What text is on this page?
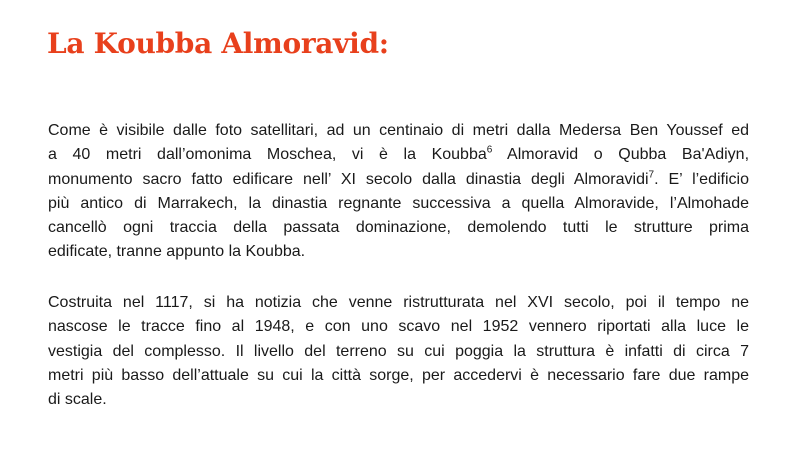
La Koubba Almoravid:

Come è visibile dalle foto satellitari, ad un centinaio di metri dalla Medersa Ben Youssef ed
a 40 metri dall’omonima Moschea, vi è la Koubba$^6$ Almoravid o Qubba Ba'Adiyn,
monumento sacro fatto edificare nell’ XI secolo dalla dinastia degli Almoravidi$^7$. E’ l’edificio
più antico di Marrakech, la dinastia regnante successiva a quella Almoravide, l’Almohade
cancellò ogni traccia della passata dominazione, demolendo tutti le strutture prima
edificate, tranne appunto la Koubba.

Costruita nel 1117, si ha notizia che venne ristrutturata nel XVI secolo, poi il tempo ne
nascose le tracce fino al 1948, e con uno scavo nel 1952 vennero riportati alla luce le
vestigia del complesso. Il livello del terreno su cui poggia la struttura è infatti di circa 7
metri più basso dell’attuale su cui la città sorge, per accedervi è necessario fare due rampe
di scale.
